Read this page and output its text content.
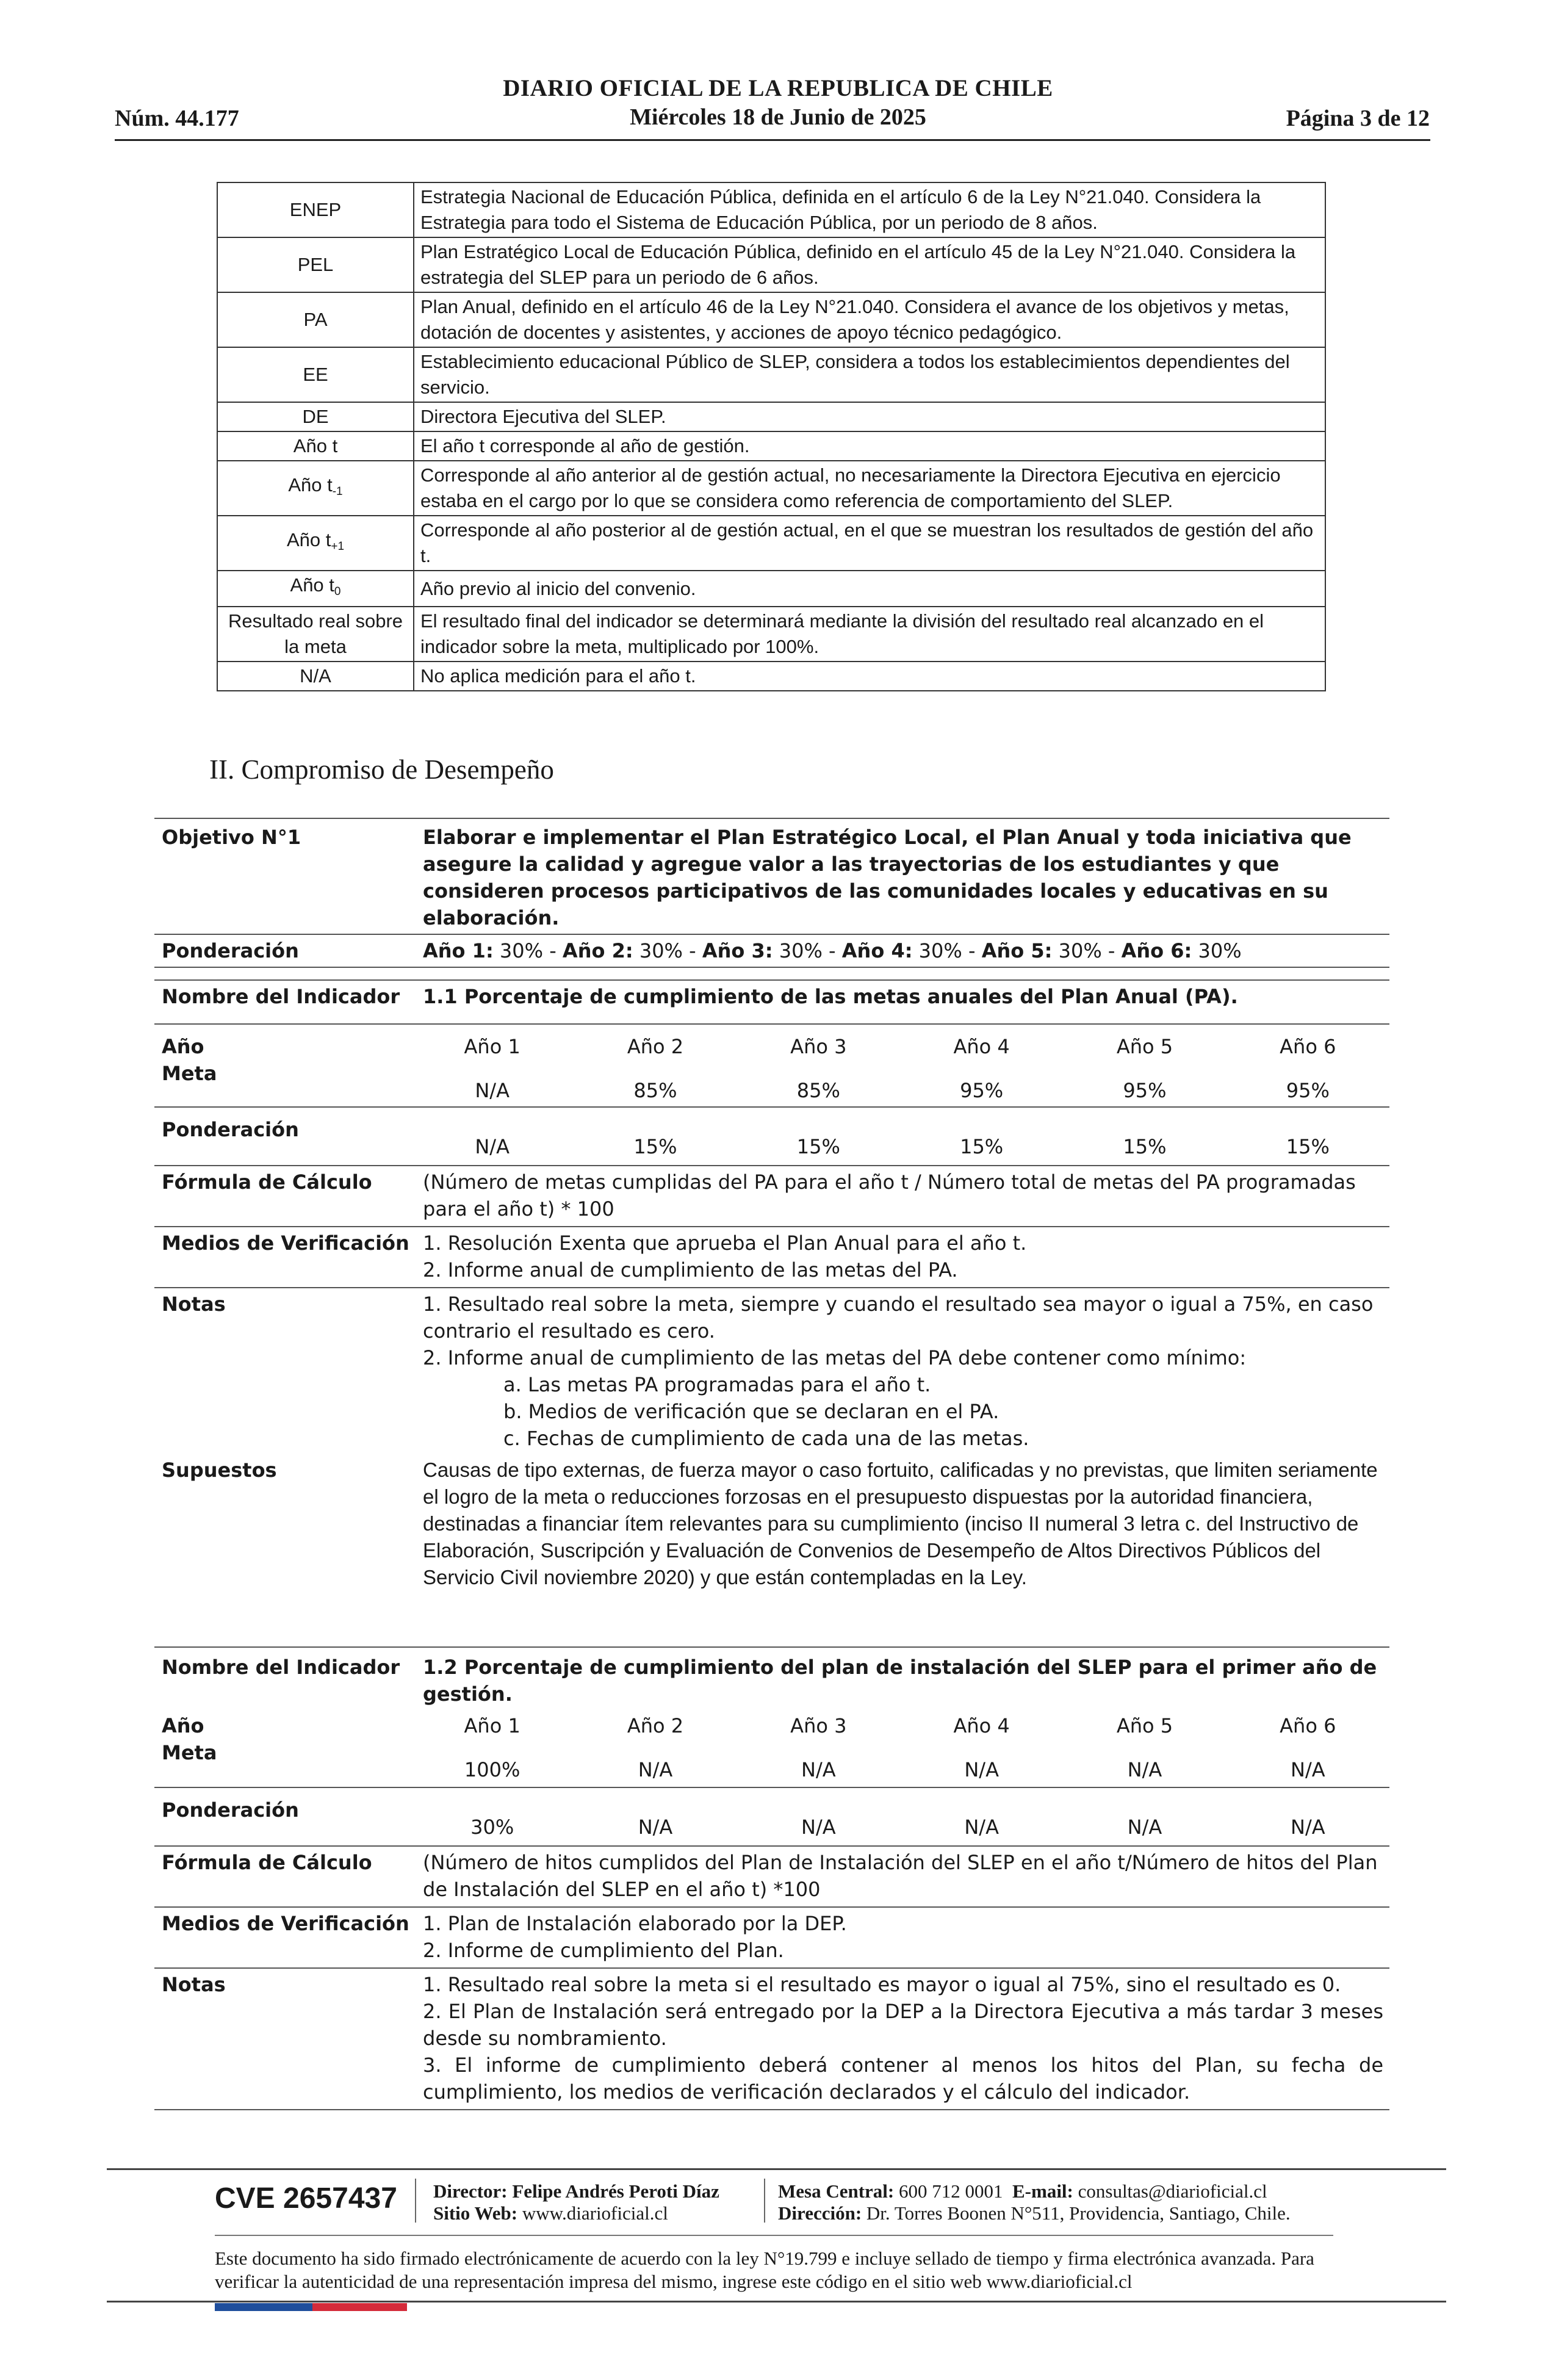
DIARIO OFICIAL DE LA REPUBLICA DE CHILE
Miércoles 18 de Junio de 2025
Núm. 44.177	Página 3 de 12
ENEP	Estrategia Nacional de Educación Pública, definida en el artículo 6 de la Ley N°21.040. Considera la Estrategia para todo el Sistema de Educación Pública, por un periodo de 8 años.
PEL	Plan Estratégico Local de Educación Pública, definido en el artículo 45 de la Ley N°21.040. Considera la estrategia del SLEP para un periodo de 6 años.
PA	Plan Anual, definido en el artículo 46 de la Ley N°21.040. Considera el avance de los objetivos y metas, dotación de docentes y asistentes, y acciones de apoyo técnico pedagógico.
EE	Establecimiento educacional Público de SLEP, considera a todos los establecimientos dependientes del servicio.
DE	Directora Ejecutiva del SLEP.
Año t	El año t corresponde al año de gestión.
Año $t_{-1}$	Corresponde al año anterior al de gestión actual, no necesariamente la Directora Ejecutiva en ejercicio estaba en el cargo por lo que se considera como referencia de comportamiento del SLEP.
Año $t_{+1}$	Corresponde al año posterior al de gestión actual, en el que se muestran los resultados de gestión del año t.
Año $t_0$	Año previo al inicio del convenio.
Resultado real sobre la meta	El resultado final del indicador se determinará mediante la división del resultado real alcanzado en el indicador sobre la meta, multiplicado por 100%.
N/A	No aplica medición para el año t.
II. Compromiso de Desempeño
Objetivo N°1	Elaborar e implementar el Plan Estratégico Local, el Plan Anual y toda iniciativa que asegure la calidad y agregue valor a las trayectorias de los estudiantes y que consideren procesos participativos de las comunidades locales y educativas en su elaboración.
Ponderación	Año 1: 30% - Año 2: 30% - Año 3: 30% - Año 4: 30% - Año 5: 30% - Año 6: 30%
Nombre del Indicador 1.1 Porcentaje de cumplimiento de las metas anuales del Plan Anual (PA).
Año	Año 1	Año 2	Año 3	Año 4	Año 5	Año 6
Meta
N/A	85%	85%	95%	95%	95%
Ponderación
N/A	15%	15%	15%	15%	15%
Fórmula de Cálculo	(Número de metas cumplidas del PA para el año t / Número total de metas del PA programadas para el año t) * 100
Medios de Verificación 1. Resolución Exenta que aprueba el Plan Anual para el año t.
2. Informe anual de cumplimiento de las metas del PA.
Notas	1. Resultado real sobre la meta, siempre y cuando el resultado sea mayor o igual a 75%, en caso contrario el resultado es cero.
2. Informe anual de cumplimiento de las metas del PA debe contener como mínimo:
a. Las metas PA programadas para el año t.
b. Medios de verificación que se declaran en el PA.
c. Fechas de cumplimiento de cada una de las metas.
Supuestos	Causas de tipo externas, de fuerza mayor o caso fortuito, calificadas y no previstas, que limiten seriamente el logro de la meta o reducciones forzosas en el presupuesto dispuestas por la autoridad financiera, destinadas a financiar ítem relevantes para su cumplimiento (inciso II numeral 3 letra c. del Instructivo de Elaboración, Suscripción y Evaluación de Convenios de Desempeño de Altos Directivos Públicos del Servicio Civil noviembre 2020) y que están contempladas en la Ley.
Nombre del Indicador 1.2 Porcentaje de cumplimiento del plan de instalación del SLEP para el primer año de gestión.
Año	Año 1	Año 2	Año 3	Año 4	Año 5	Año 6
Meta
100%	N/A	N/A	N/A	N/A	N/A
Ponderación
30%	N/A	N/A	N/A	N/A	N/A
Fórmula de Cálculo	(Número de hitos cumplidos del Plan de Instalación del SLEP en el año t/Número de hitos del Plan de Instalación del SLEP en el año t) *100
Medios de Verificación 1. Plan de Instalación elaborado por la DEP.
2. Informe de cumplimiento del Plan.
Notas	1. Resultado real sobre la meta si el resultado es mayor o igual al 75%, sino el resultado es 0.
2. El Plan de Instalación será entregado por la DEP a la Directora Ejecutiva a más tardar 3 meses desde su nombramiento.
3. El informe de cumplimiento deberá contener al menos los hitos del Plan, su fecha de cumplimiento, los medios de verificación declarados y el cálculo del indicador.
CVE 2657437 Director: Felipe Andrés Peroti Díaz
Sitio Web: www.diarioficial.cl
Mesa Central: 600 712 0001 E-mail: consultas@diarioficial.cl
Dirección: Dr. Torres Boonen N°511, Providencia, Santiago, Chile.
Este documento ha sido firmado electrónicamente de acuerdo con la ley N°19.799 e incluye sellado de tiempo y firma electrónica avanzada. Para verificar la autenticidad de una representación impresa del mismo, ingrese este código en el sitio web www.diarioficial.cl
